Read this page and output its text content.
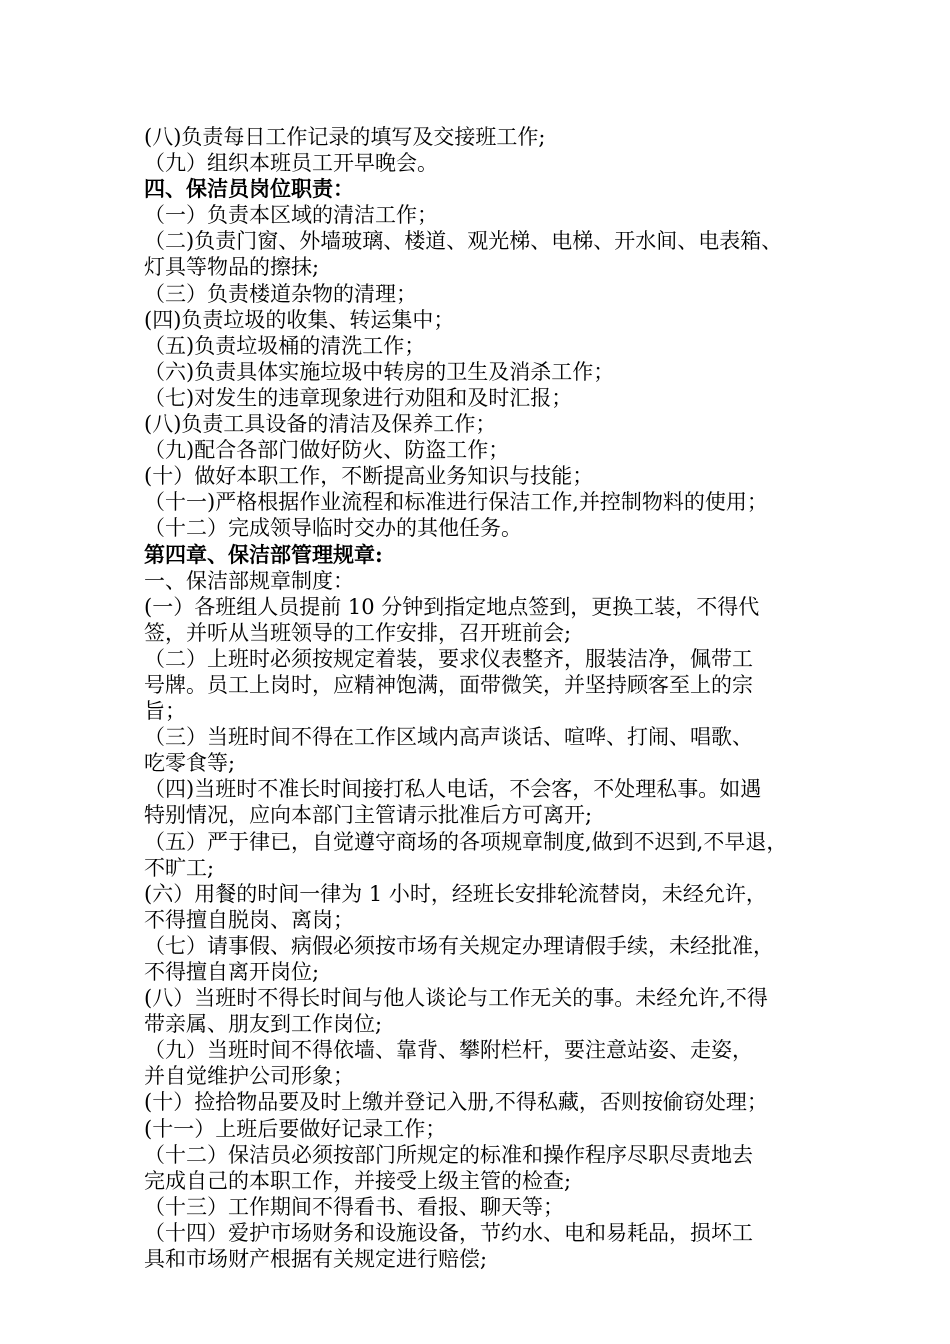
(八)负责每日工作记录的填写及交接班工作;
（九）组织本班员工开早晚会。
四、保洁员岗位职责：
（一）负责本区域的清洁工作；
（二)负责门窗、外墙玻璃、楼道、观光梯、电梯、开水间、电表箱、
灯具等物品的擦抹;
（三）负责楼道杂物的清理；
(四)负责垃圾的收集、转运集中；
（五)负责垃圾桶的清洗工作；
（六)负责具体实施垃圾中转房的卫生及消杀工作；
（七)对发生的违章现象进行劝阻和及时汇报；
(八)负责工具设备的清洁及保养工作；
（九)配合各部门做好防火、防盗工作；
(十）做好本职工作，不断提高业务知识与技能；
（十一)严格根据作业流程和标准进行保洁工作,并控制物料的使用；
（十二）完成领导临时交办的其他任务。
第四章、保洁部管理规章:
一、保洁部规章制度：
(一）各班组人员提前 10 分钟到指定地点签到，更换工装，不得代
签，并听从当班领导的工作安排，召开班前会;
（二）上班时必须按规定着装，要求仪表整齐，服装洁净，佩带工
号牌。员工上岗时，应精神饱满，面带微笑，并坚持顾客至上的宗
旨；
（三）当班时间不得在工作区域内高声谈话、喧哗、打闹、唱歌、
吃零食等;
（四)当班时不准长时间接打私人电话，不会客，不处理私事。如遇
特别情况，应向本部门主管请示批准后方可离开;
（五）严于律已，自觉遵守商场的各项规章制度,做到不迟到,不早退，
不旷工;
(六）用餐的时间一律为 1 小时，经班长安排轮流替岗，未经允许，
不得擅自脱岗、离岗；
（七）请事假、病假必须按市场有关规定办理请假手续，未经批准，
不得擅自离开岗位;
(八）当班时不得长时间与他人谈论与工作无关的事。未经允许,不得
带亲属、朋友到工作岗位;
（九）当班时间不得依墙、靠背、攀附栏杆，要注意站姿、走姿，
并自觉维护公司形象；
(十）捡拾物品要及时上缴并登记入册,不得私藏，否则按偷窃处理；
(十一）上班后要做好记录工作；
（十二）保洁员必须按部门所规定的标准和操作程序尽职尽责地去
完成自己的本职工作，并接受上级主管的检查;
（十三）工作期间不得看书、看报、聊天等；
（十四）爱护市场财务和设施设备，节约水、电和易耗品，损坏工
具和市场财产根据有关规定进行赔偿;
